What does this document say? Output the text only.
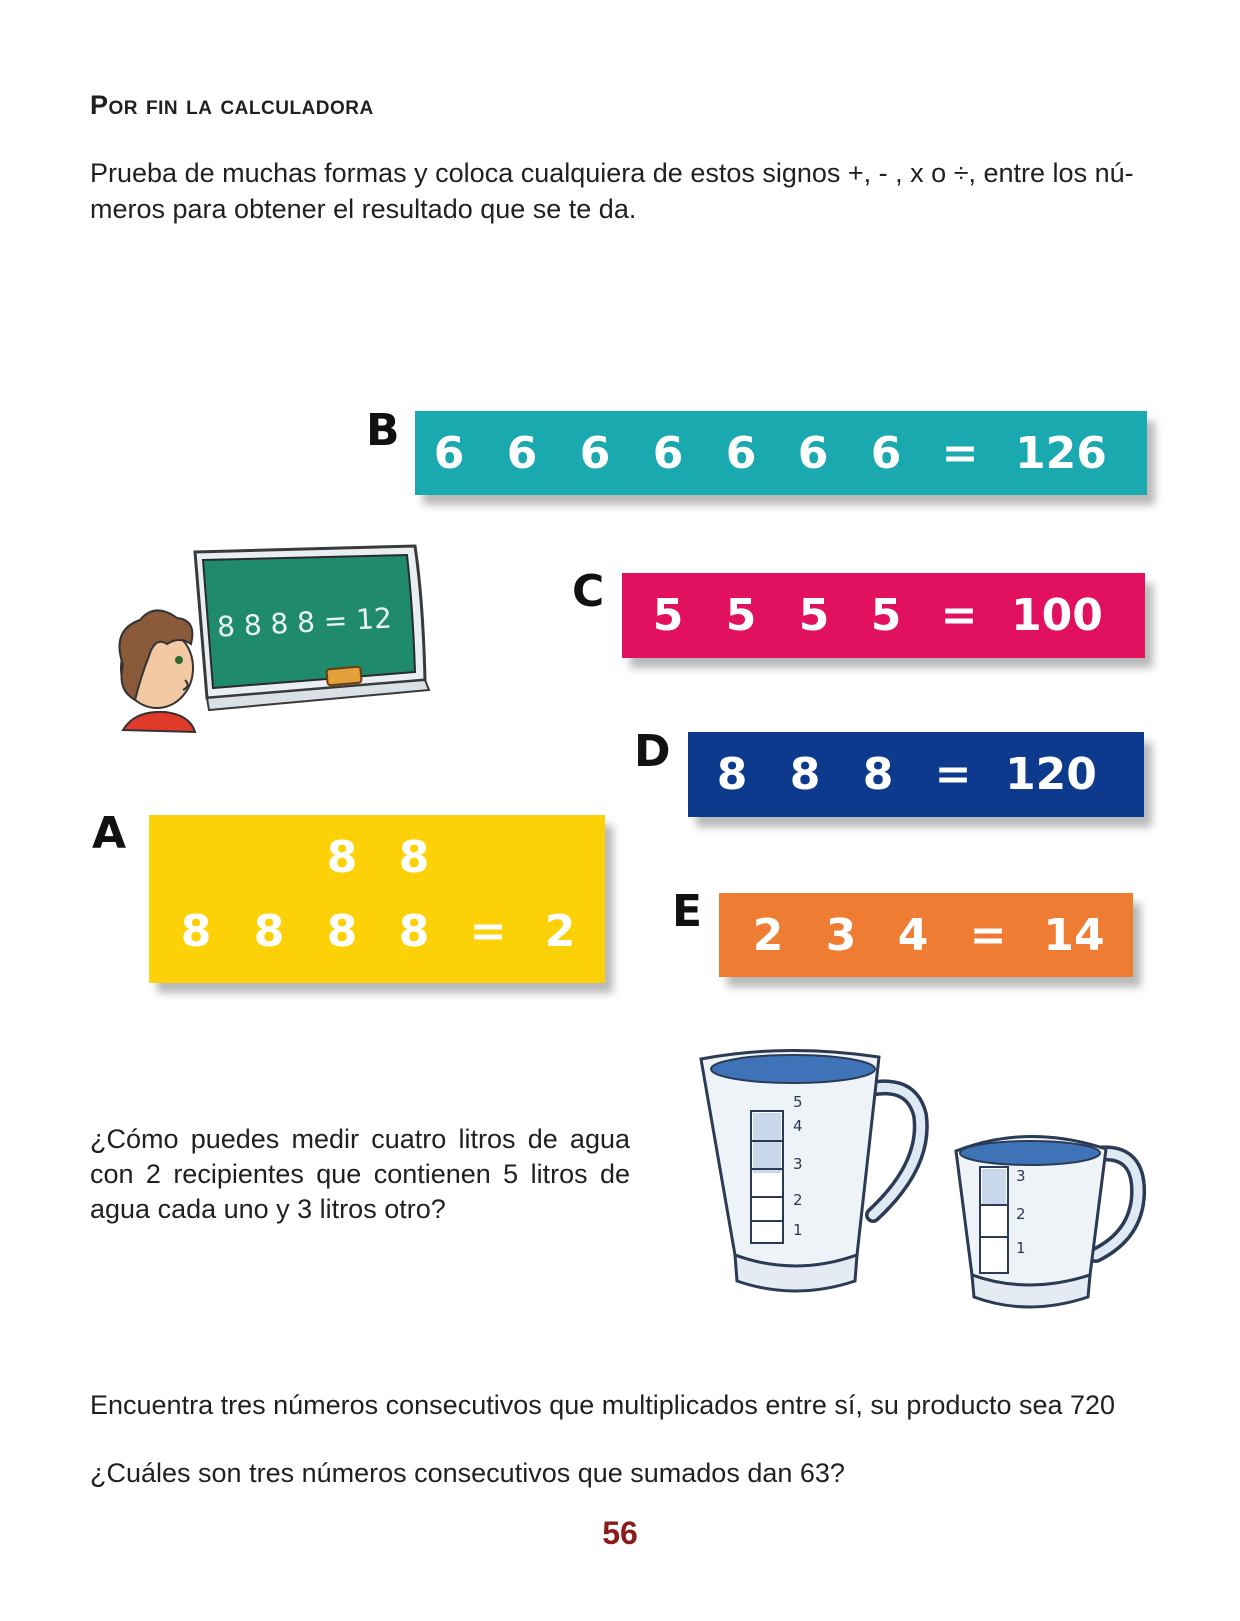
Por fin la calculadora
Prueba de muchas formas y coloca cualquiera de estos signos +, - , x o ÷, entre los nú-meros para obtener el resultado que se te da.
B 6 6 6 6 6 6 6 = 126
8 8 8 8 = 12
C 5 5 5 5 = 100
D 8 8 8 = 120
A	8 8
8 8 8 8 = 2 E 2 3 4 = 14
¿Cómo puedes medir cuatro litros de agua con 2 recipientes que contienen 5 litros de agua cada uno y 3 litros otro?
5
4
3
2
1
3
2
1
Encuentra tres números consecutivos que multiplicados entre sí, su producto sea 720
¿Cuáles son tres números consecutivos que sumados dan 63?
56
